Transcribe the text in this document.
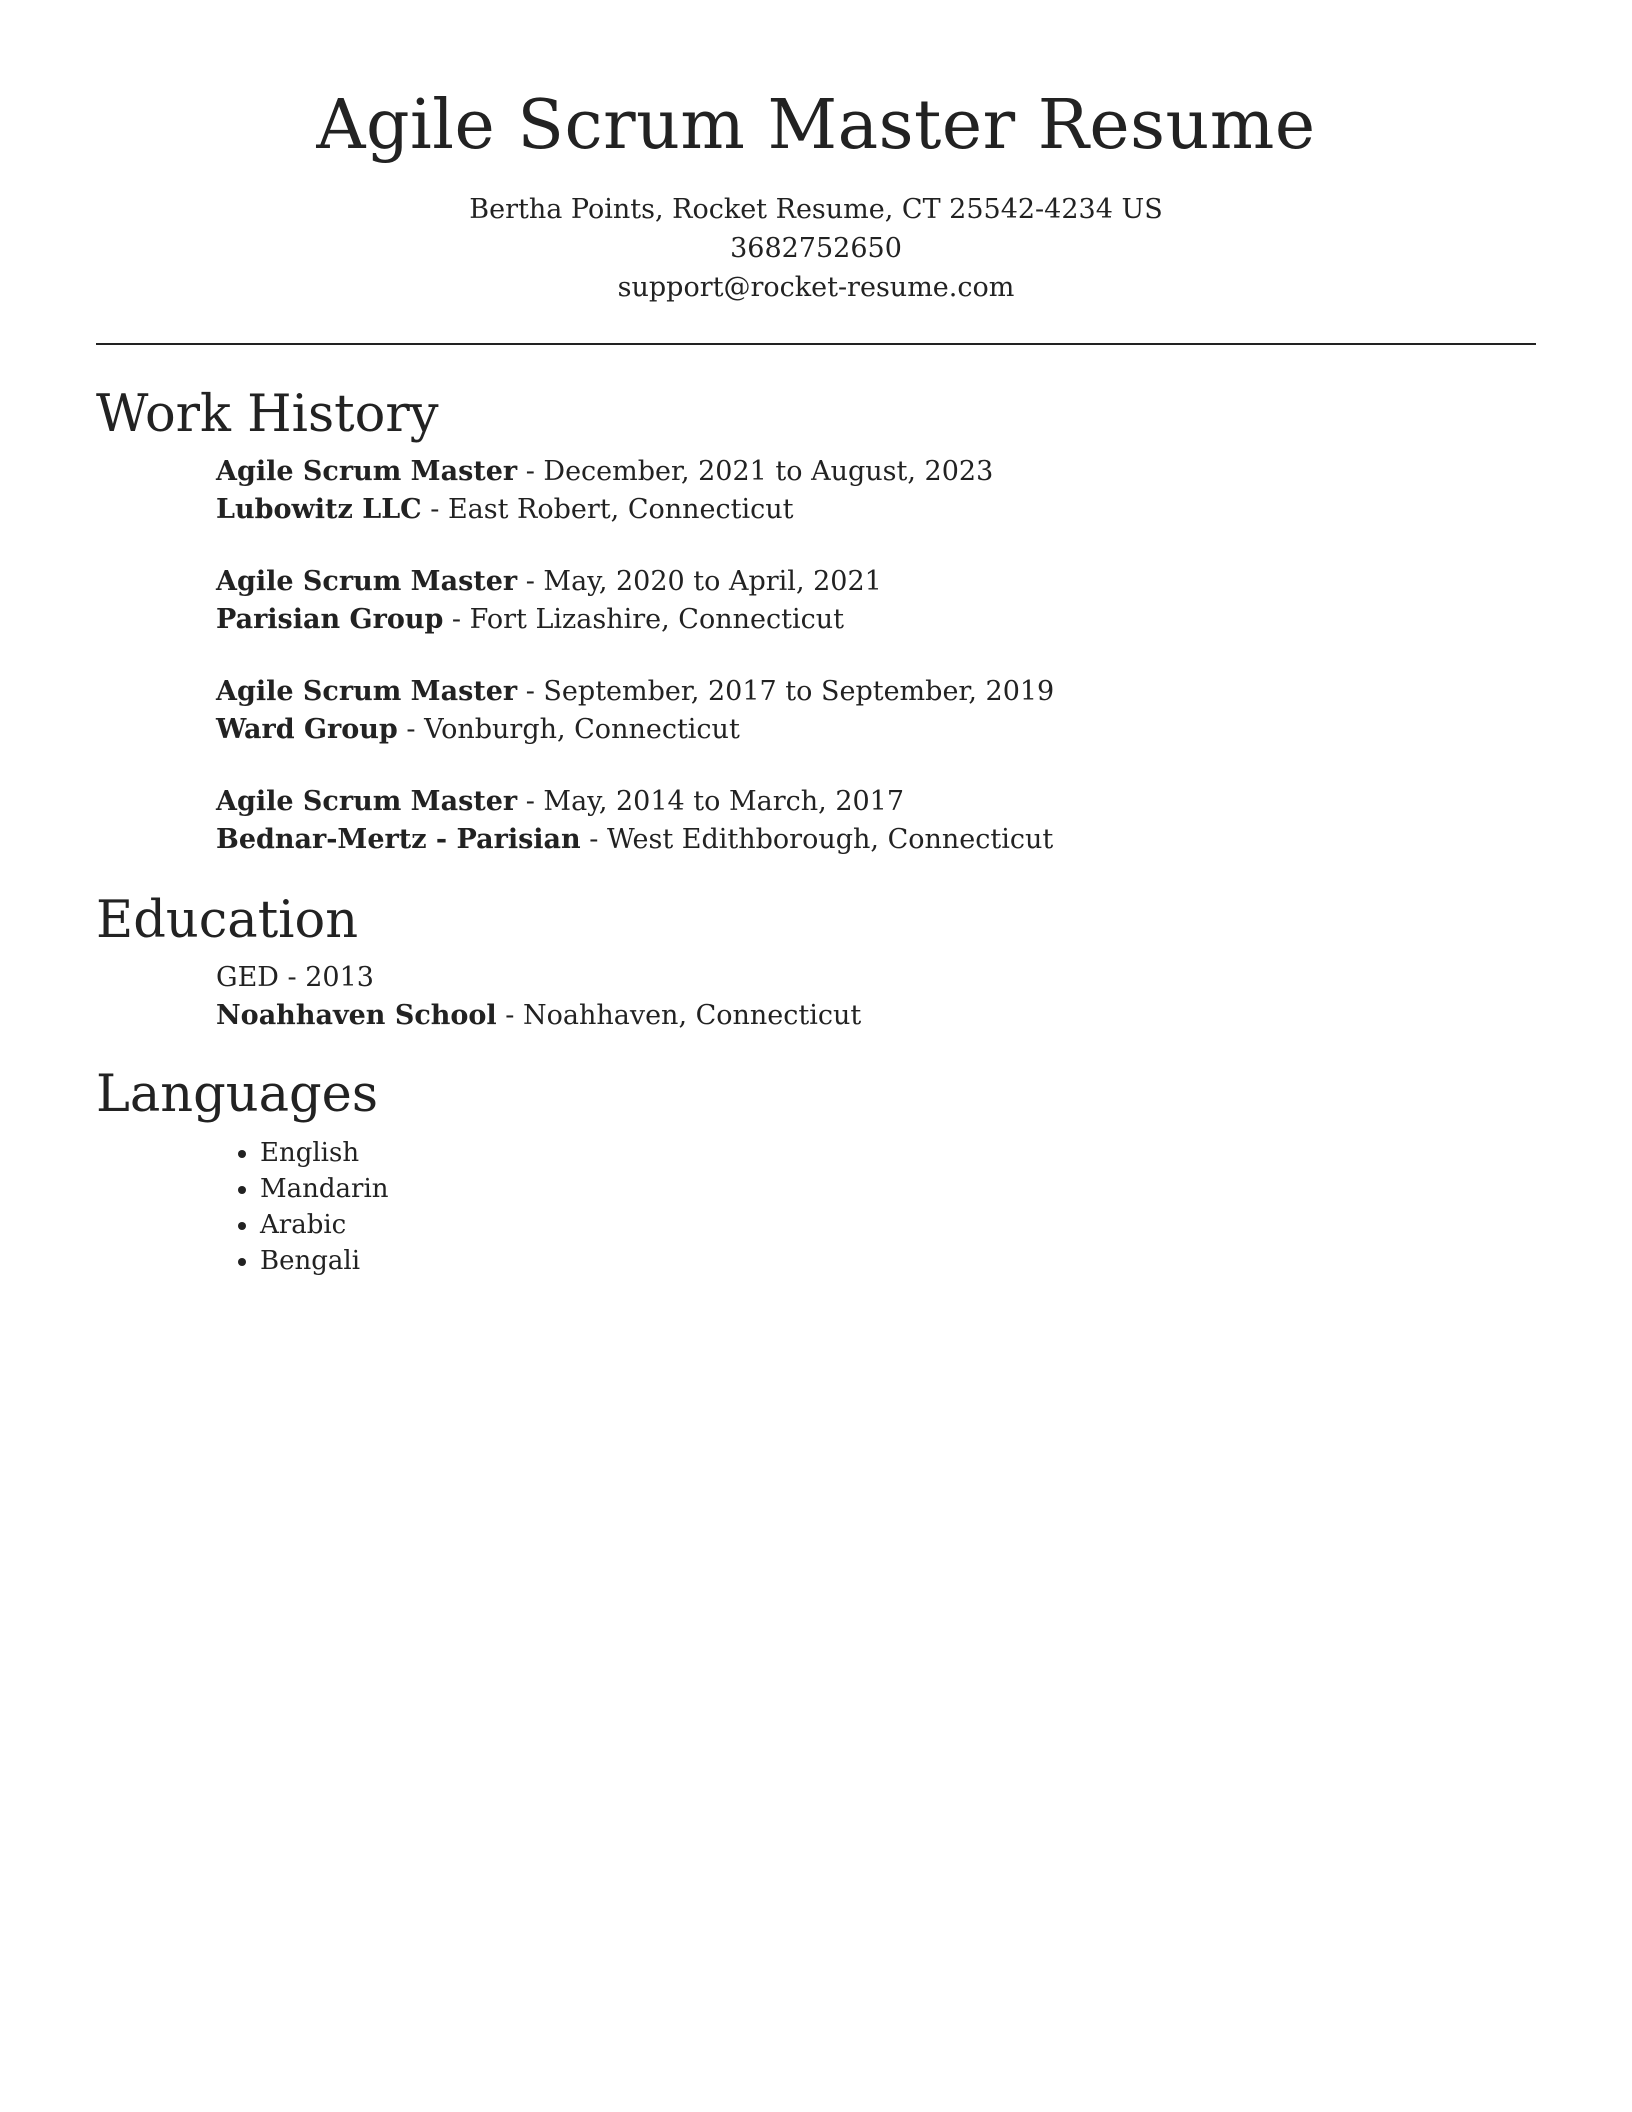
Agile Scrum Master Resume
Bertha Points, Rocket Resume, CT 25542-4234 US
3682752650
support@rocket-resume.com
Work History
Agile Scrum Master - December, 2021 to August, 2023
Lubowitz LLC - East Robert, Connecticut
Agile Scrum Master - May, 2020 to April, 2021
Parisian Group - Fort Lizashire, Connecticut
Agile Scrum Master - September, 2017 to September, 2019
Ward Group - Vonburgh, Connecticut
Agile Scrum Master - May, 2014 to March, 2017
Bednar-Mertz - Parisian - West Edithborough, Connecticut
Education
GED - 2013
Noahhaven School - Noahhaven, Connecticut
Languages
• English
• Mandarin
• Arabic
• Bengali
